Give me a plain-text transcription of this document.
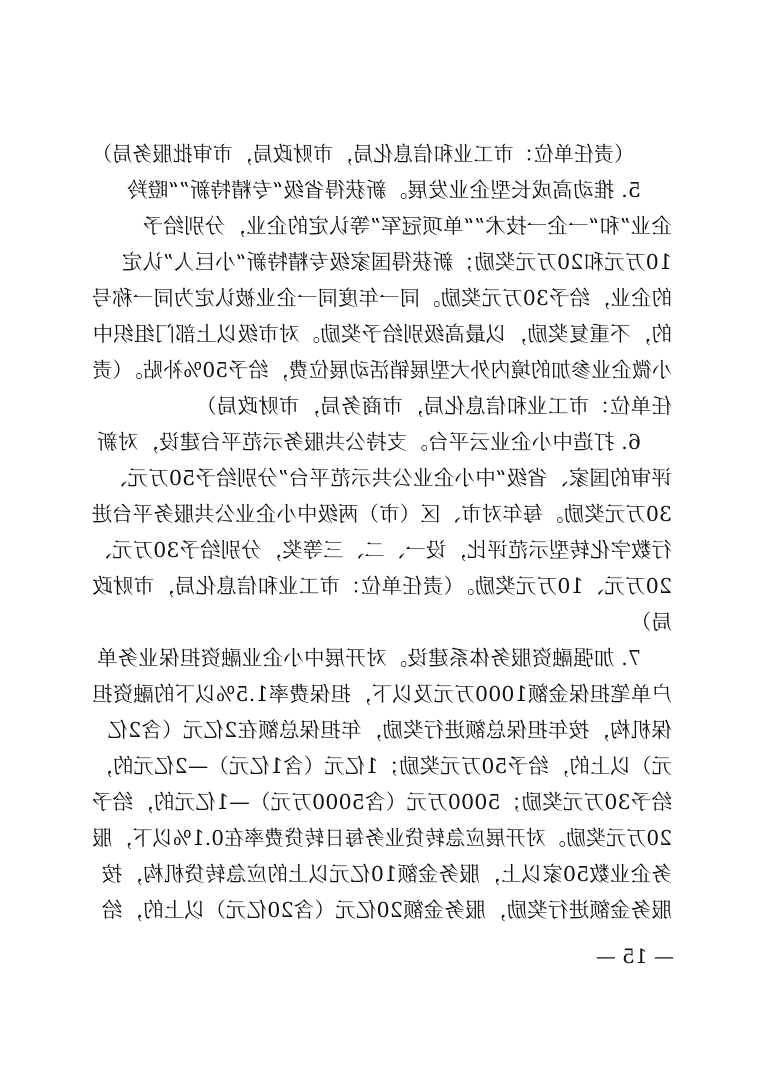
（责任单位：市工业和信息化局，市财政局，市审批服务局）
5. 推动高成长型企业发展。新获得省级“专精特新”“瞪羚
企业”和“一企一技术”“单项冠军”等认定的企业，分别给予
10万元和20万元奖励；新获得国家级专精特新“小巨人”认定
的企业，给予30万元奖励。同一年度同一企业被认定为同一称号
的，不重复奖励，以最高级别给予奖励。对市级以上部门组织中
小微企业参加的境内外大型展销活动展位费，给予50%补贴。（责
任单位：市工业和信息化局，市商务局，市财政局）
6. 打造中小企业云平台。支持公共服务示范平台建设，对新
评审的国家、省级“中小企业公共示范平台”分别给予50万元、
30万元奖励。每年对市、区（市）两级中小企业公共服务平台进
行数字化转型示范评比，设一、二、三等奖，分别给予30万元、
20万元、10万元奖励。（责任单位：市工业和信息化局，市财政
局）
7. 加强融资服务体系建设。对开展中小企业融资担保业务单
户单笔担保金额1000万元及以下，担保费率1.5%以下的融资担
保机构，按年担保总额进行奖励，年担保总额在2亿元（含2亿
元）以上的，给予50万元奖励；1亿元（含1亿元）—2亿元的，
给予30万元奖励；5000万元（含5000万元）—1亿元的，给予
20万元奖励。对开展应急转贷业务每日转贷费率在0.1%以下，服
务企业数50家以上，服务金额10亿元以上的应急转贷机构，按
服务金额进行奖励，服务金额20亿元（含20亿元）以上的，给
— 15 —
